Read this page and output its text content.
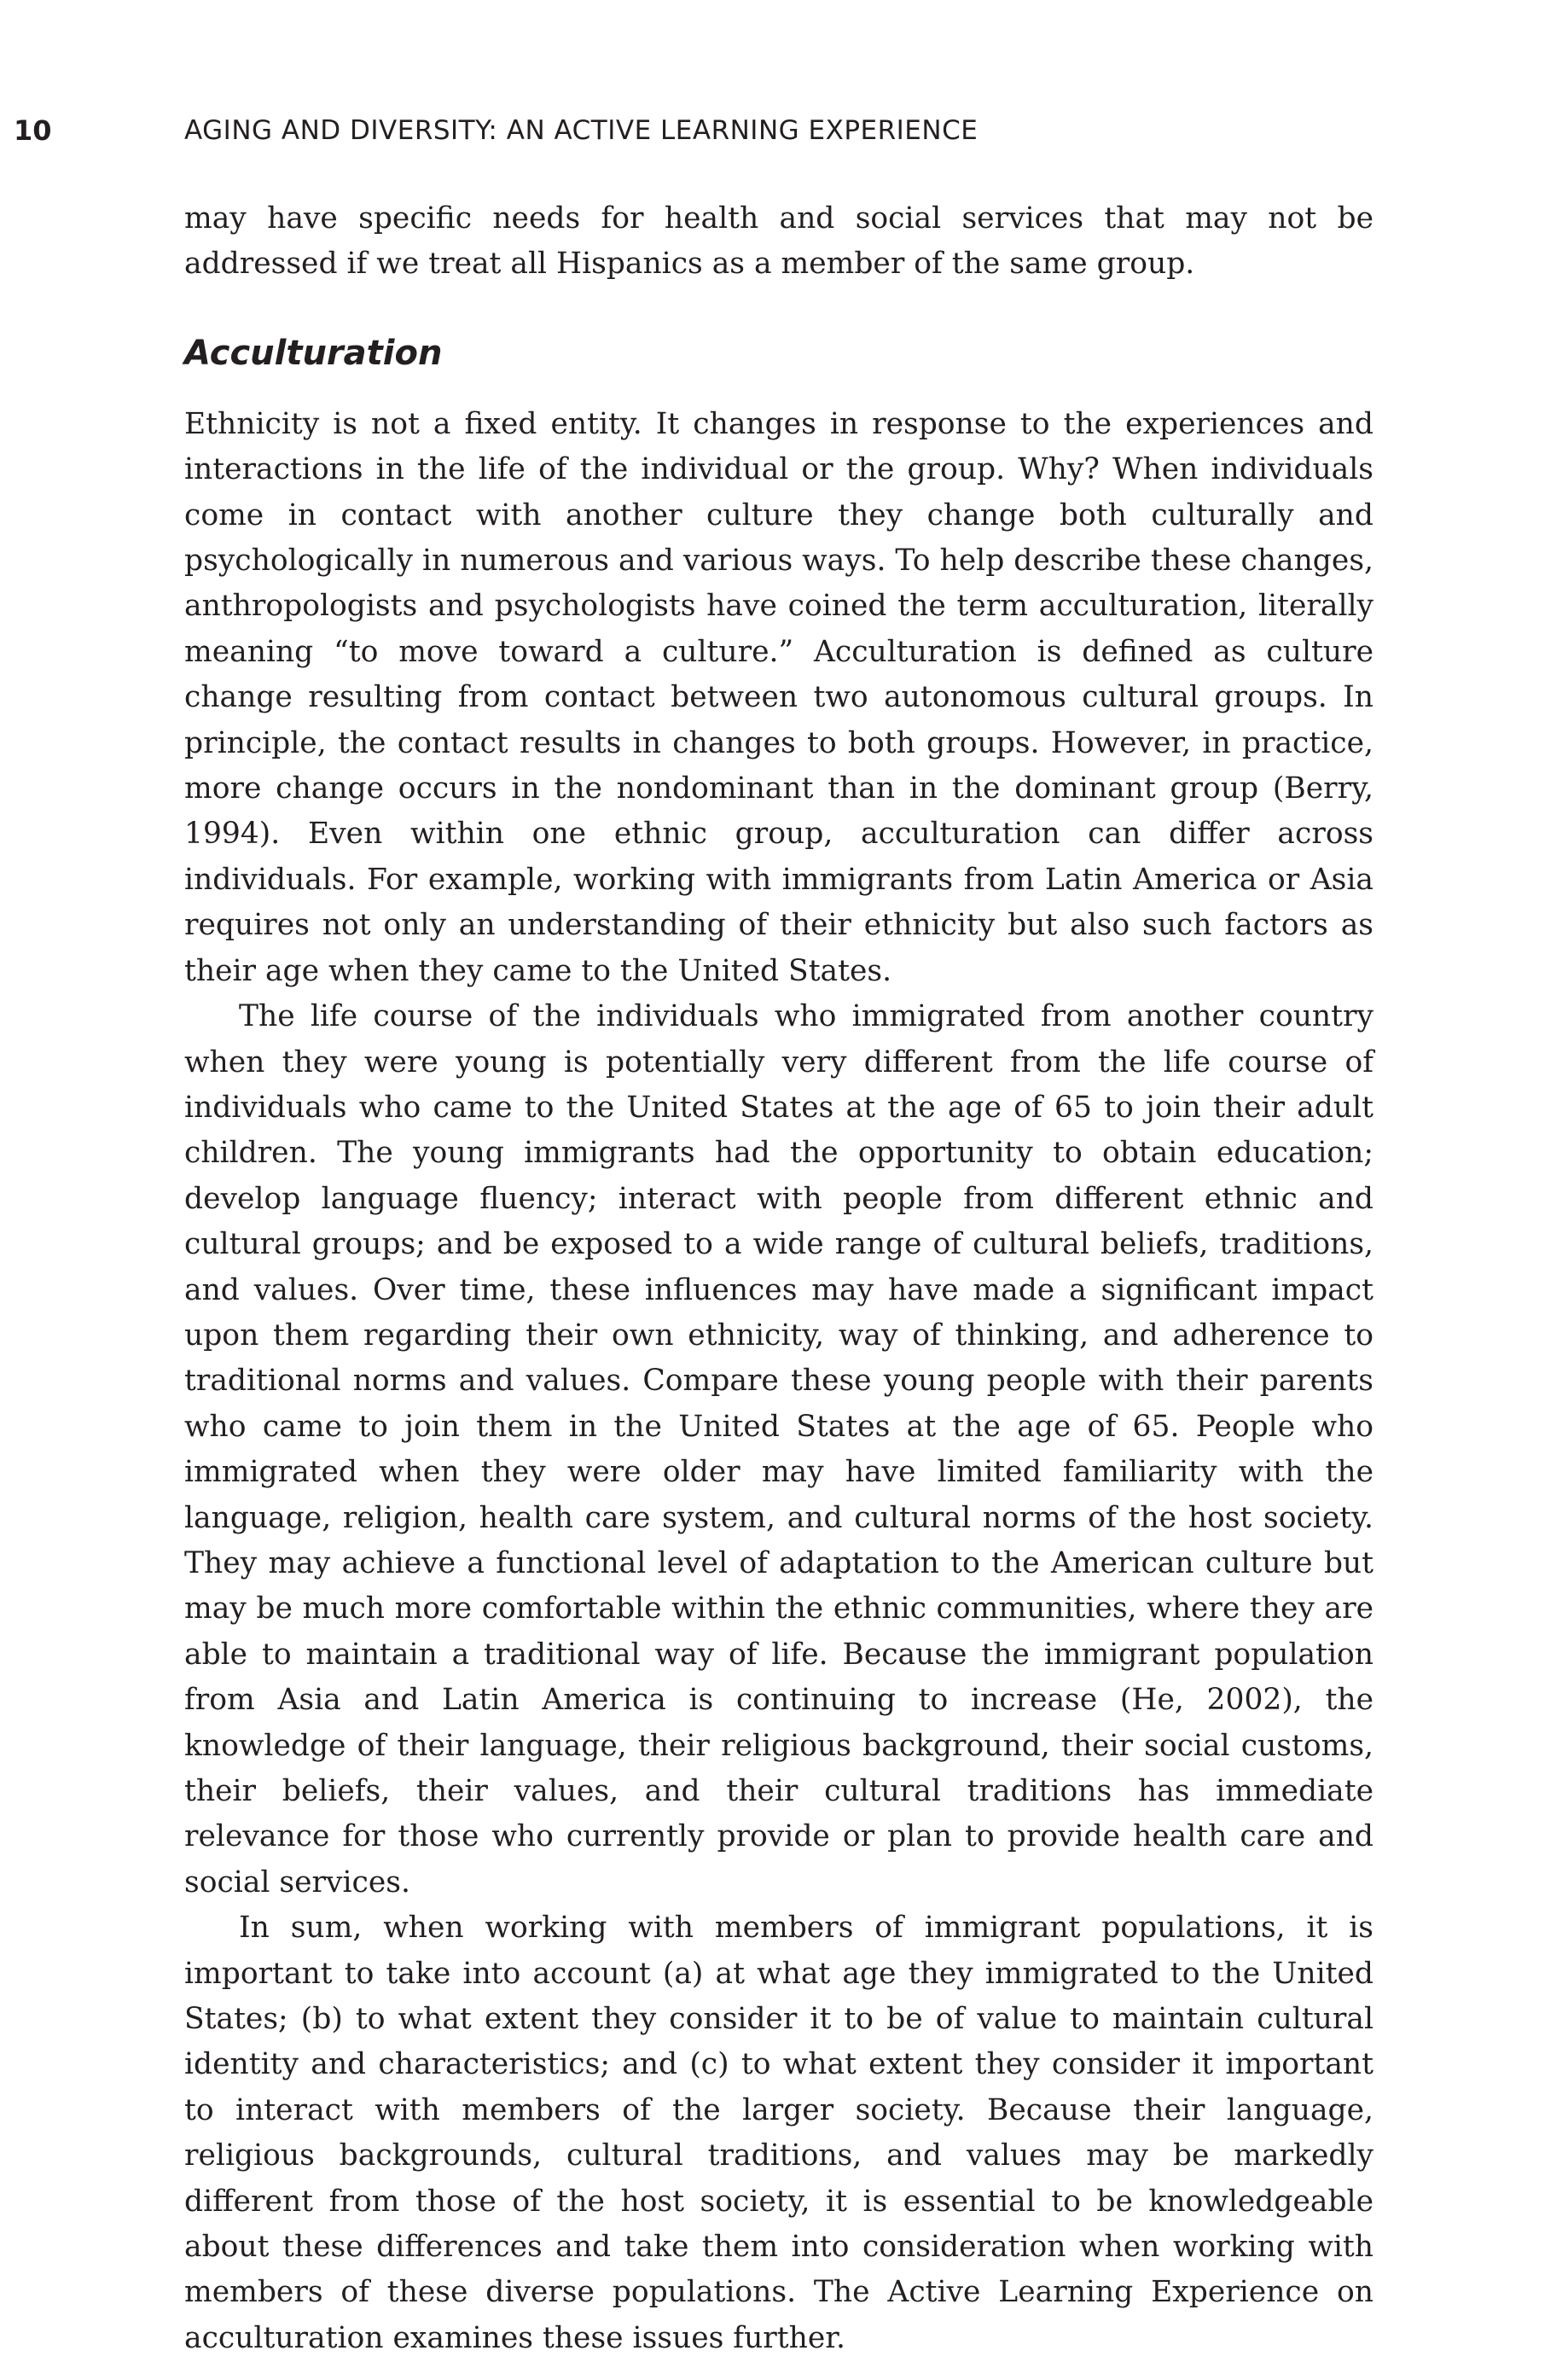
10	AGING AND DIVERSITY: AN ACTIVE LEARNING EXPERIENCE

may have specific needs for health and social services that may not be addressed if we treat all Hispanics as a member of the same group.

Acculturation

Ethnicity is not a fixed entity. It changes in response to the experiences and interactions in the life of the individual or the group. Why? When individuals come in contact with another culture they change both culturally and psychologically in numerous and various ways. To help describe these changes, anthropologists and psychologists have coined the term acculturation, literally meaning “to move toward a culture.” Acculturation is defined as culture change resulting from contact between two autonomous cultural groups. In principle, the contact results in changes to both groups. However, in practice, more change occurs in the nondominant than in the dominant group (Berry, 1994). Even within one ethnic group, acculturation can differ across individuals. For example, working with immigrants from Latin America or Asia requires not only an understanding of their ethnicity but also such factors as their age when they came to the United States.

The life course of the individuals who immigrated from another country when they were young is potentially very different from the life course of individuals who came to the United States at the age of 65 to join their adult children. The young immigrants had the opportunity to obtain education; develop language fluency; interact with people from different ethnic and cultural groups; and be exposed to a wide range of cultural beliefs, traditions, and values. Over time, these influences may have made a significant impact upon them regarding their own ethnicity, way of thinking, and adherence to traditional norms and values. Compare these young people with their parents who came to join them in the United States at the age of 65. People who immigrated when they were older may have limited familiarity with the language, religion, health care system, and cultural norms of the host society. They may achieve a functional level of adaptation to the American culture but may be much more comfortable within the ethnic communities, where they are able to maintain a traditional way of life. Because the immigrant population from Asia and Latin America is continuing to increase (He, 2002), the knowledge of their language, their religious background, their social customs, their beliefs, their values, and their cultural traditions has immediate relevance for those who currently provide or plan to provide health care and social services.

In sum, when working with members of immigrant populations, it is important to take into account (a) at what age they immigrated to the United States; (b) to what extent they consider it to be of value to maintain cultural identity and characteristics; and (c) to what extent they consider it important to interact with members of the larger society. Because their language, religious backgrounds, cultural traditions, and values may be markedly different from those of the host society, it is essential to be knowledgeable about these differences and take them into consideration when working with members of these diverse populations. The Active Learning Experience on acculturation examines these issues further.
